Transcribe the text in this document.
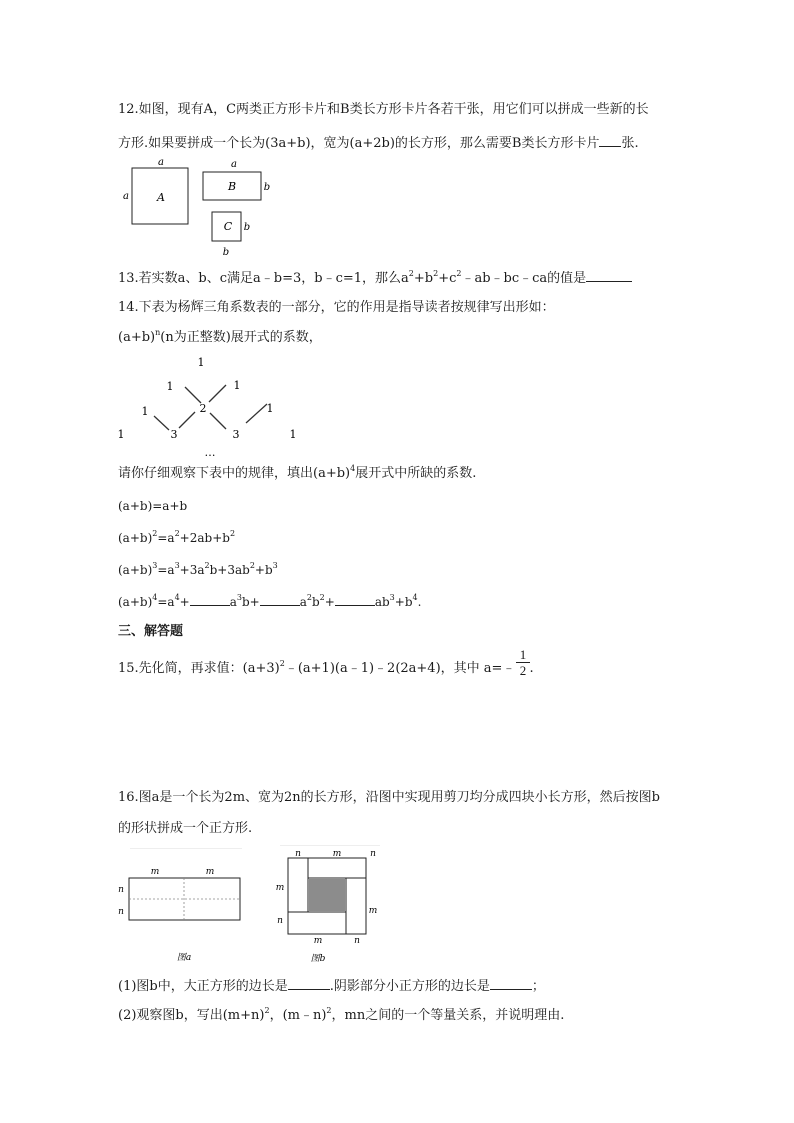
12.如图，现有A，C两类正方形卡片和B类长方形卡片各若干张，用它们可以拼成一些新的长
方形.如果要拼成一个长为(3a+b)，宽为(a+2b)的长方形，那么需要B类长方形卡片 张.
a
a	A
a
B	b
C b
b
13.若实数a、b、c满足a﹣b=3，b﹣c=1，那么$a^2+b^2+c^2﹣ab﹣bc﹣ca$的值是
14.下表为杨辉三角系数表的一部分，它的作用是指导读者按规律写出形如：
$(a+b)^n(n$为正整数)展开式的系数，
1
1	1
1	2	1
1	3	3	1
…
请你仔细观察下表中的规律，填出$(a+b)^4$展开式中所缺的系数.
(a+b)=a+b
$(a+b)^2=a^2+2ab+b^2$
$(a+b)^3=a^3+3a^2b+3ab^2+b^3$
$(a+b)^4=a^4+$	$a^3b+$	$a^2b^2+$	$ab^3+b^4$.
三、解答题
15.先化简，再求值：$(a+3)^2﹣(a+1)(a﹣1)﹣2(2a+4)$，其中 a=﹣ .
1
2
16.图a是一个长为2m、宽为2n的长方形，沿图中实现用剪刀均分成四块小长方形，然后按图b
的形状拼成一个正方形.
m	m
n
n
图a
n	m	n
m
m
n
m	n
图b
(1)图b中，大正方形的边长是	.阴影部分小正方形的边长是	；
(2)观察图b，写出$(m+n)^2$，(m﹣n)$^2$，mn之间的一个等量关系，并说明理由.
